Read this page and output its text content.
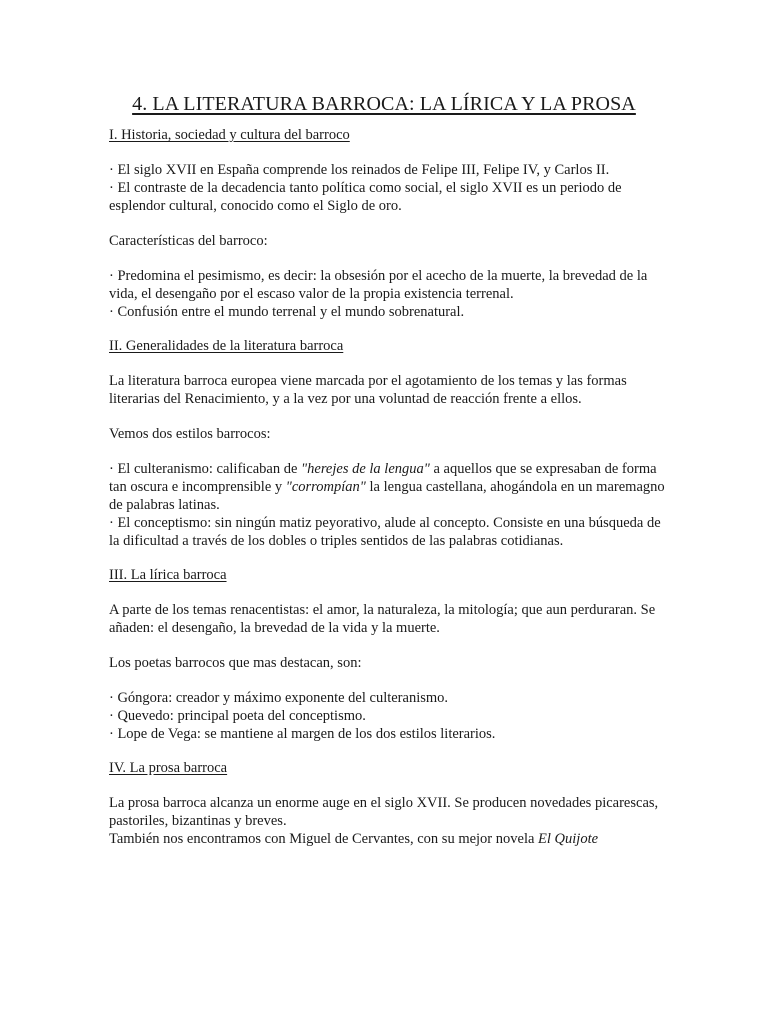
4. LA LITERATURA BARROCA: LA LÍRICA Y LA PROSA
I. Historia, sociedad y cultura del barroco

· El siglo XVII en España comprende los reinados de Felipe III, Felipe IV, y Carlos II.

· El contraste de la decadencia tanto política como social, el siglo XVII es un periodo de esplendor cultural, conocido como el Siglo de oro.

Características del barroco:

· Predomina el pesimismo, es decir: la obsesión por el acecho de la muerte, la brevedad de la vida, el desengaño por el escaso valor de la propia existencia terrenal.

· Confusión entre el mundo terrenal y el mundo sobrenatural.

II. Generalidades de la literatura barroca

La literatura barroca europea viene marcada por el agotamiento de los temas y las formas literarias del Renacimiento, y a la vez por una voluntad de reacción frente a ellos.

Vemos dos estilos barrocos:

· El culteranismo: calificaban de "herejes de la lengua" a aquellos que se expresaban de forma tan oscura e incomprensible y "corrompían" la lengua castellana, ahogándola en un maremagno de palabras latinas.

· El conceptismo: sin ningún matiz peyorativo, alude al concepto. Consiste en una búsqueda de la dificultad a través de los dobles o triples sentidos de las palabras cotidianas.

III. La lírica barroca

A parte de los temas renacentistas: el amor, la naturaleza, la mitología; que aun perduraran. Se añaden: el desengaño, la brevedad de la vida y la muerte.

Los poetas barrocos que mas destacan, son:

· Góngora: creador y máximo exponente del culteranismo.

· Quevedo: principal poeta del conceptismo.

· Lope de Vega: se mantiene al margen de los dos estilos literarios.

IV. La prosa barroca

La prosa barroca alcanza un enorme auge en el siglo XVII. Se producen novedades picarescas, pastoriles, bizantinas y breves.

También nos encontramos con Miguel de Cervantes, con su mejor novela El Quijote
